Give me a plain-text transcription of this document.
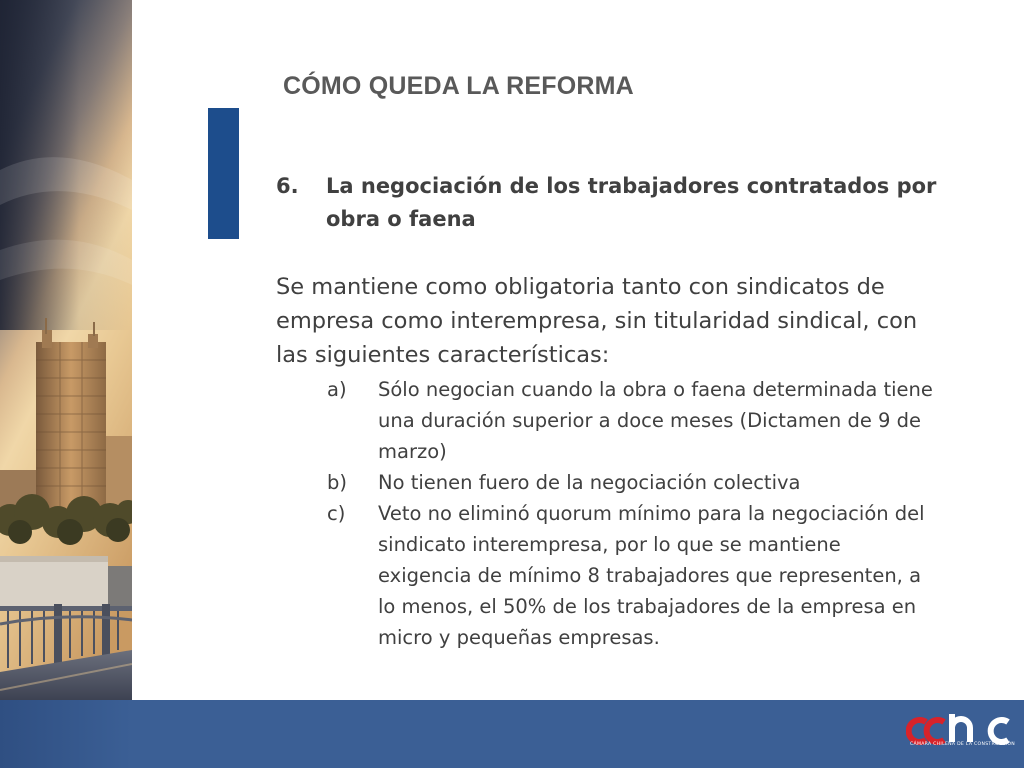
CÓMO QUEDA LA REFORMA
6. La negociación de los trabajadores contratados por obra o faena
Se mantiene como obligatoria tanto con sindicatos de empresa como interempresa, sin titularidad sindical, con las siguientes características:
a) Sólo negocian cuando la obra o faena determinada tiene una duración superior a doce meses (Dictamen de 9 de marzo)
b) No tienen fuero de la negociación colectiva
c) Veto no eliminó quorum mínimo para la negociación del sindicato interempresa, por lo que se mantiene exigencia de mínimo 8 trabajadores que representen, a lo menos, el 50% de los trabajadores de la empresa en micro y pequeñas empresas.
CÁMARA CHILENA DE LA CONSTRUCCIÓN
